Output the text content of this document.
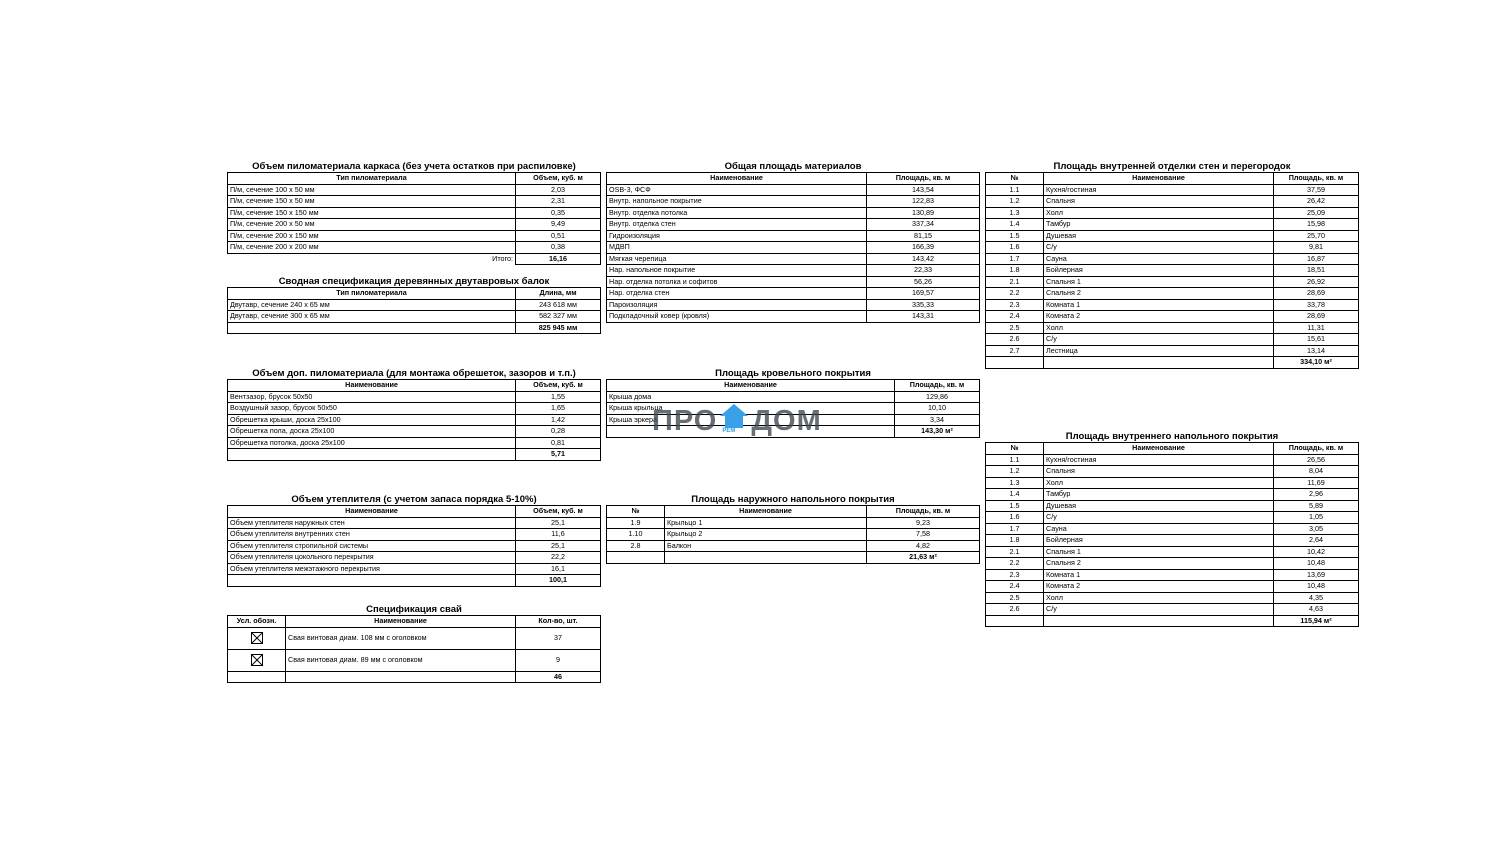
Объем пиломатериала каркаса (без учета остатков при распиловке)
Тип пиломатериала	Объем, куб. м
П/м, сечение 100 х 50 мм	2,03
П/м, сечение 150 х 50 мм	2,31
П/м, сечение 150 х 150 мм	0,35
П/м, сечение 200 х 50 мм	9,49
П/м, сечение 200 х 150 мм	0,51
П/м, сечение 200 х 200 мм	0,38
Итого:	16,16
Сводная спецификация деревянных двутавровых балок
Тип пиломатериала	Длина, мм
Двутавр, сечение 240 х 65 мм	243 618 мм
Двутавр, сечение 300 х 65 мм	582 327 мм
	825 945 мм
Объем доп. пиломатериала (для монтажа обрешеток, зазоров и т.п.)
Наименование	Объем, куб. м
Вентзазор, брусок 50х50	1,55
Воздушный зазор, брусок 50х50	1,65
Обрешетка крыши, доска 25х100	1,42
Обрешетка пола, доска 25х100	0,28
Обрешетка потолка, доска 25х100	0,81
	5,71
Объем утеплителя (с учетом запаса порядка 5-10%)
Наименование	Объем, куб. м
Объем утеплителя наружных стен	25,1
Объем утеплителя внутренних стен	11,6
Объем утеплителя стропильной системы	25,1
Объем утеплителя цокольного перекрытия	22,2
Объем утеплителя межэтажного перекрытия	16,1
	100,1
Спецификация свай
Усл. обозн.	Наименование	Кол-во, шт.
	Свая винтовая диам. 108 мм с оголовком	37
	Свая винтовая диам. 89 мм с оголовком	9
		46
Общая площадь материалов
Наименование	Площадь, кв. м
OSB-3, ФСФ	143,54
Внутр. напольное покрытие	122,83
Внутр. отделка потолка	130,89
Внутр. отделка стен	337,34
Гидроизоляция	81,15
МДВП	166,39
Мягкая черепица	143,42
Нар. напольное покрытие	22,33
Нар. отделка потолка и софитов	56,26
Нар. отделка стен	169,57
Пароизоляция	335,33
Подкладочный ковер (кровля)	143,31
Площадь кровельного покрытия
Наименование	Площадь, кв. м
Крыша дома	129,86
Крыша крыльца	10,10
Крыша эркера	3,34
	143,30 м²
Площадь наружного напольного покрытия
№	Наименование	Площадь, кв. м
1.9	Крыльцо 1	9,23
1.10	Крыльцо 2	7,58
2.8	Балкон	4,82
		21,63 м²
Площадь внутренней отделки стен и перегородок
№	Наименование	Площадь, кв. м
1.1	Кухня/гостиная	37,59
1.2	Спальня	26,42
1.3	Холл	25,09
1.4	Тамбур	15,98
1.5	Душевая	25,70
1.6	С/у	9,81
1.7	Сауна	16,87
1.8	Бойлерная	18,51
2.1	Спальня 1	26,92
2.2	Спальня 2	28,69
2.3	Комната 1	33,78
2.4	Комната 2	28,69
2.5	Холл	11,31
2.6	С/у	15,61
2.7	Лестница	13,14
		334,10 м²
Площадь внутреннего напольного покрытия
№	Наименование	Площадь, кв. м
1.1	Кухня/гостиная	26,56
1.2	Спальня	8,04
1.3	Холл	11,69
1.4	Тамбур	2,96
1.5	Душевая	5,89
1.6	С/у	1,05
1.7	Сауна	3,05
1.8	Бойлерная	2,64
2.1	Спальня 1	10,42
2.2	Спальня 2	10,48
2.3	Комната 1	13,69
2.4	Комната 2	10,48
2.5	Холл	4,35
2.6	С/у	4,63
		115,94 м²
ПРО РЕМ ДОМ
